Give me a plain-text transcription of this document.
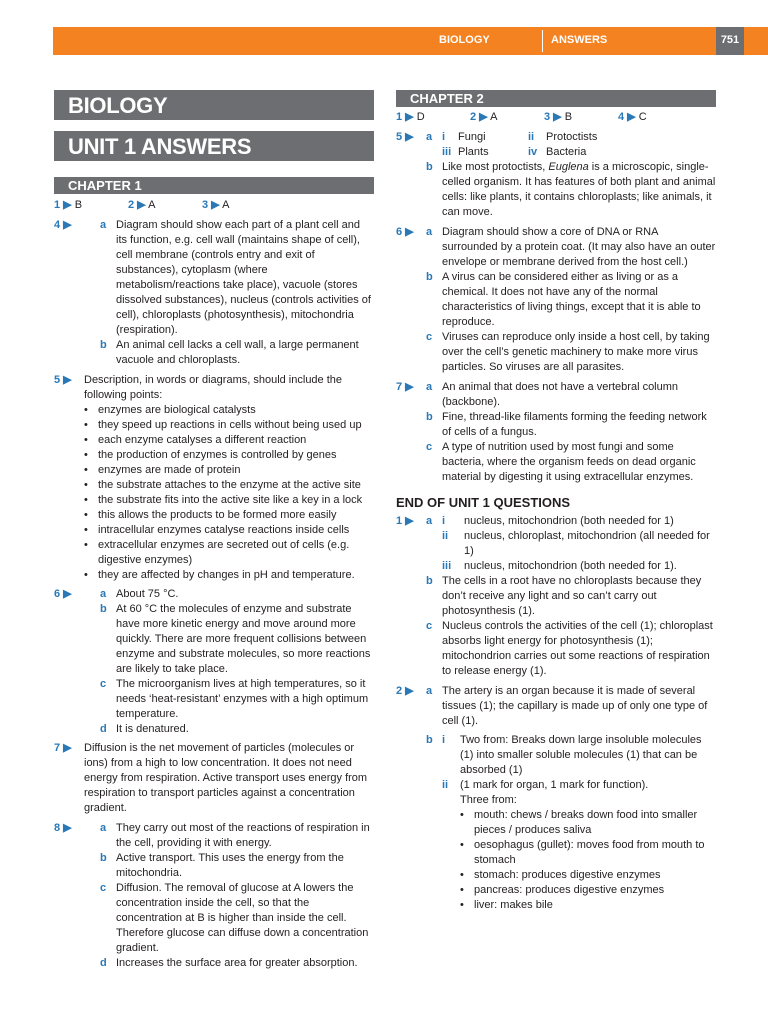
BIOLOGY	ANSWERS	751
BIOLOGY
UNIT 1 ANSWERS
CHAPTER 1
1 ▶ B	2 ▶ A	3 ▶ A
4 ▶	a Diagram should show each part of a plant cell and its function, e.g. cell wall (maintains shape of cell), cell membrane (controls entry and exit of substances), cytoplasm (where metabolism/reactions take place), vacuole (stores dissolved substances), nucleus (controls activities of cell), chloroplasts (photosynthesis), mitochondria (respiration).
b An animal cell lacks a cell wall, a large permanent vacuole and chloroplasts.
5 ▶	Description, in words or diagrams, should include the following points:
• enzymes are biological catalysts
• they speed up reactions in cells without being used up
• each enzyme catalyses a different reaction
• the production of enzymes is controlled by genes
• enzymes are made of protein
• the substrate attaches to the enzyme at the active site
• the substrate fits into the active site like a key in a lock
• this allows the products to be formed more easily
• intracellular enzymes catalyse reactions inside cells
• extracellular enzymes are secreted out of cells (e.g. digestive enzymes)
• they are affected by changes in pH and temperature.
6 ▶	a About 75 °C.
b At 60 °C the molecules of enzyme and substrate have more kinetic energy and move around more quickly. There are more frequent collisions between enzyme and substrate molecules, so more reactions are likely to take place.
c The microorganism lives at high temperatures, so it needs ‘heat-resistant’ enzymes with a high optimum temperature.
d It is denatured.
7 ▶	Diffusion is the net movement of particles (molecules or ions) from a high to low concentration. It does not need energy from respiration. Active transport uses energy from respiration to transport particles against a concentration gradient.
8 ▶	a They carry out most of the reactions of respiration in the cell, providing it with energy.
b Active transport. This uses the energy from the mitochondria.
c Diffusion. The removal of glucose at A lowers the concentration inside the cell, so that the concentration at B is higher than inside the cell. Therefore glucose can diffuse down a concentration gradient.
d Increases the surface area for greater absorption.
CHAPTER 2
1 ▶ D	2 ▶ A	3 ▶ B	4 ▶ C
5 ▶	a i	Fungi	ii	Protoctists
iii Plants	iv Bacteria
b Like most protoctists, Euglena is a microscopic, single-celled organism. It has features of both plant and animal cells: like plants, it contains chloroplasts; like animals, it can move.
6 ▶	a Diagram should show a core of DNA or RNA surrounded by a protein coat. (It may also have an outer envelope or membrane derived from the host cell.)
b A virus can be considered either as living or as a chemical. It does not have any of the normal characteristics of living things, except that it is able to reproduce.
c Viruses can reproduce only inside a host cell, by taking over the cell’s genetic machinery to make more virus particles. So viruses are all parasites.
7 ▶	a An animal that does not have a vertebral column (backbone).
b Fine, thread-like filaments forming the feeding network of cells of a fungus.
c A type of nutrition used by most fungi and some bacteria, where the organism feeds on dead organic material by digesting it using extracellular enzymes.
END OF UNIT 1 QUESTIONS
1 ▶	a i	nucleus, mitochondrion (both needed for 1)
ii	nucleus, chloroplast, mitochondrion (all needed for 1)
iii	nucleus, mitochondrion (both needed for 1).
b The cells in a root have no chloroplasts because they don’t receive any light and so can’t carry out photosynthesis (1).
c Nucleus controls the activities of the cell (1); chloroplast absorbs light energy for photosynthesis (1); mitochondrion carries out some reactions of respiration to release energy (1).
2 ▶	a The artery is an organ because it is made of several tissues (1); the capillary is made up of only one type of cell (1).
b i	Two from: Breaks down large insoluble molecules (1) into smaller soluble molecules (1) that can be absorbed (1)
ii	(1 mark for organ, 1 mark for function).
Three from:
• mouth: chews / breaks down food into smaller pieces / produces saliva
• oesophagus (gullet): moves food from mouth to stomach
• stomach: produces digestive enzymes
• pancreas: produces digestive enzymes
• liver: makes bile
